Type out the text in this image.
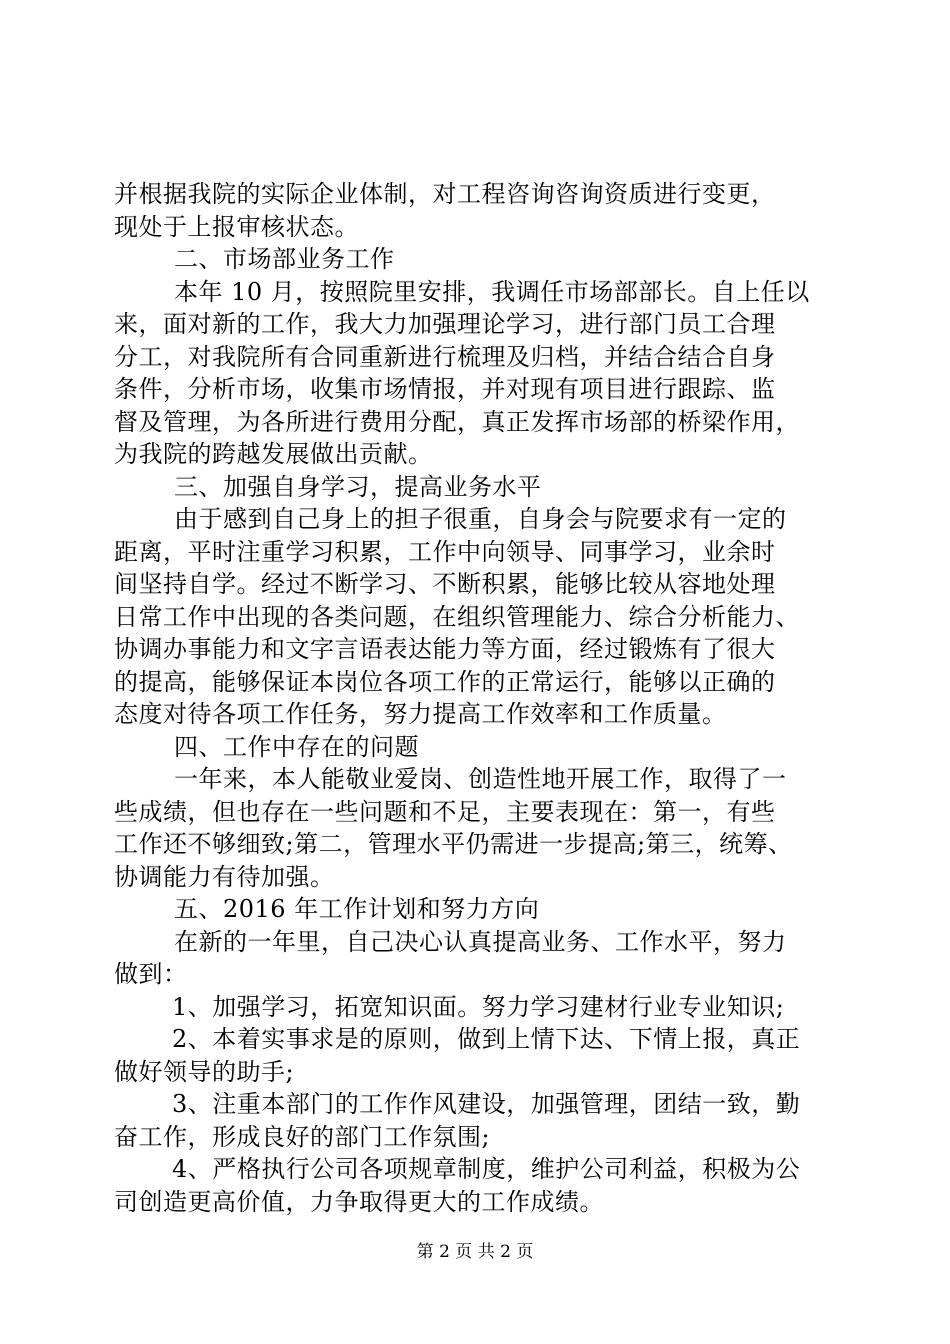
并根据我院的实际企业体制，对工程咨询咨询资质进行变更，
现处于上报审核状态。
二、市场部业务工作
本年 10 月，按照院里安排，我调任市场部部长。自上任以
来，面对新的工作，我大力加强理论学习，进行部门员工合理
分工，对我院所有合同重新进行梳理及归档，并结合结合自身
条件，分析市场，收集市场情报，并对现有项目进行跟踪、监
督及管理，为各所进行费用分配，真正发挥市场部的桥梁作用，
为我院的跨越发展做出贡献。
三、加强自身学习，提高业务水平
由于感到自己身上的担子很重，自身会与院要求有一定的
距离，平时注重学习积累，工作中向领导、同事学习，业余时
间坚持自学。经过不断学习、不断积累，能够比较从容地处理
日常工作中出现的各类问题，在组织管理能力、综合分析能力、
协调办事能力和文字言语表达能力等方面，经过锻炼有了很大
的提高，能够保证本岗位各项工作的正常运行，能够以正确的
态度对待各项工作任务，努力提高工作效率和工作质量。
四、工作中存在的问题
一年来，本人能敬业爱岗、创造性地开展工作，取得了一
些成绩，但也存在一些问题和不足，主要表现在：第一，有些
工作还不够细致;第二，管理水平仍需进一步提高;第三，统筹、
协调能力有待加强。
五、2016 年工作计划和努力方向
在新的一年里，自己决心认真提高业务、工作水平，努力
做到：
1、加强学习，拓宽知识面。努力学习建材行业专业知识;
2、本着实事求是的原则，做到上情下达、下情上报，真正
做好领导的助手;
3、注重本部门的工作作风建设，加强管理，团结一致，勤
奋工作，形成良好的部门工作氛围;
4、严格执行公司各项规章制度，维护公司利益，积极为公
司创造更高价值，力争取得更大的工作成绩。
第 2 页 共 2 页
